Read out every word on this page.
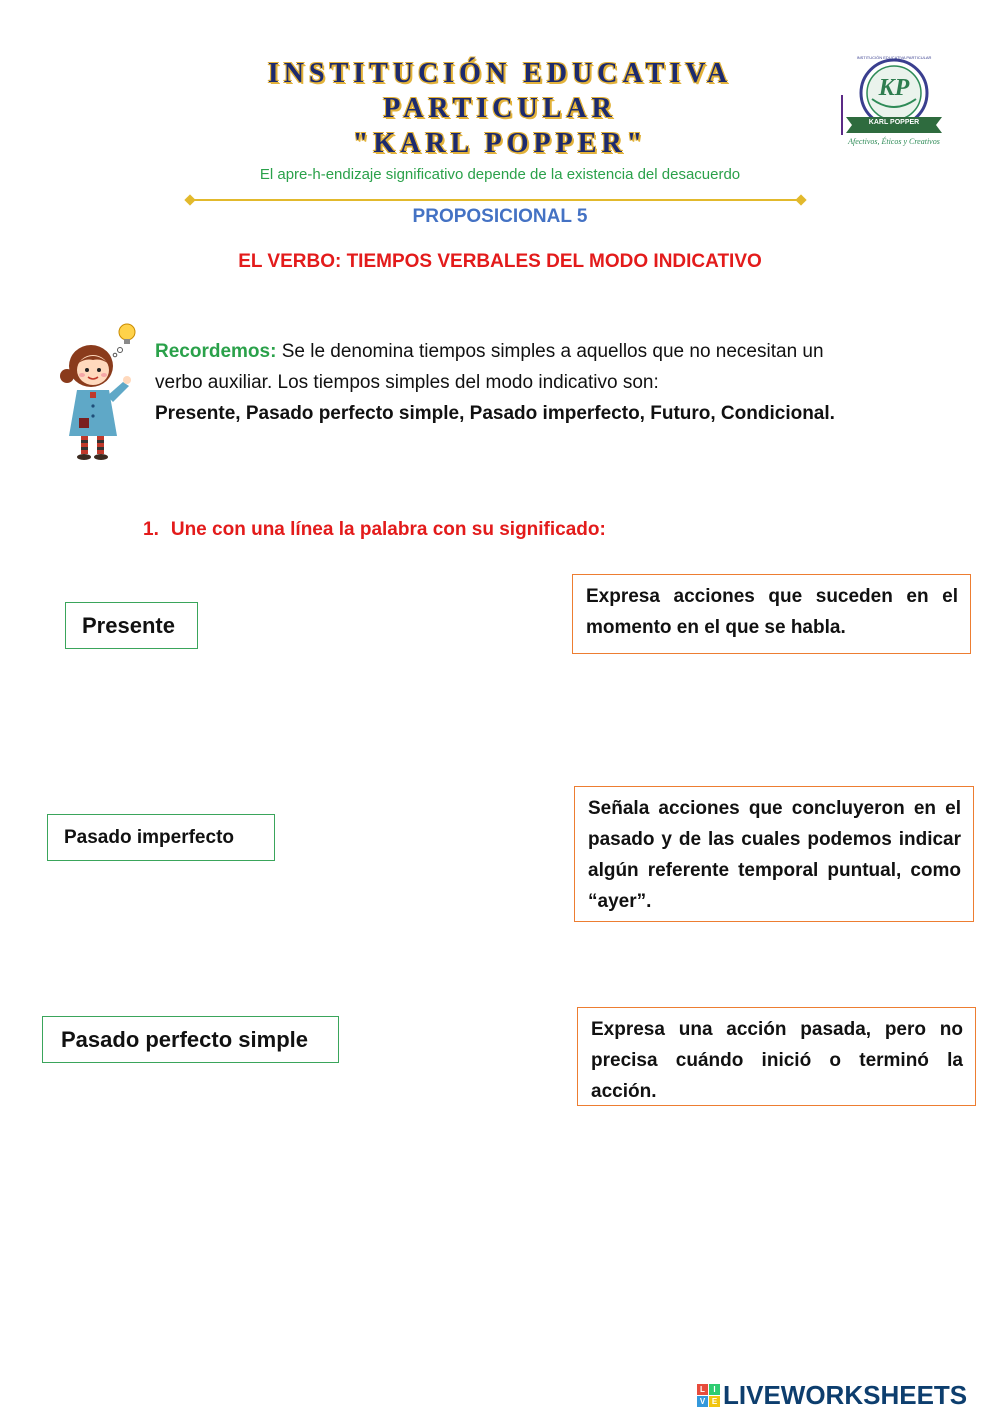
INSTITUCIÓN EDUCATIVA
PARTICULAR
"KARL POPPER"
KP
KARL POPPER
Afectivos, Éticos y Creativos
INSTITUCIÓN EDUCATIVA PARTICULAR
El apre-h-endizaje significativo depende de la existencia del desacuerdo
PROPOSICIONAL 5
EL VERBO: TIEMPOS VERBALES DEL MODO INDICATIVO
Recordemos: Se le denomina tiempos simples a aquellos que no necesitan un verbo auxiliar. Los tiempos simples del modo indicativo son:
Presente, Pasado perfecto simple, Pasado imperfecto, Futuro, Condicional.
1. Une con una línea la palabra con su significado:
Presente
Pasado imperfecto
Pasado perfecto simple
Expresa acciones que suceden en el momento en el que se habla.
Señala acciones que concluyeron en el pasado y de las cuales podemos indicar algún referente temporal puntual, como “ayer”.
Expresa una acción pasada, pero no precisa cuándo inició o terminó la acción.
L	I
V E LIVEWORKSHEETS
